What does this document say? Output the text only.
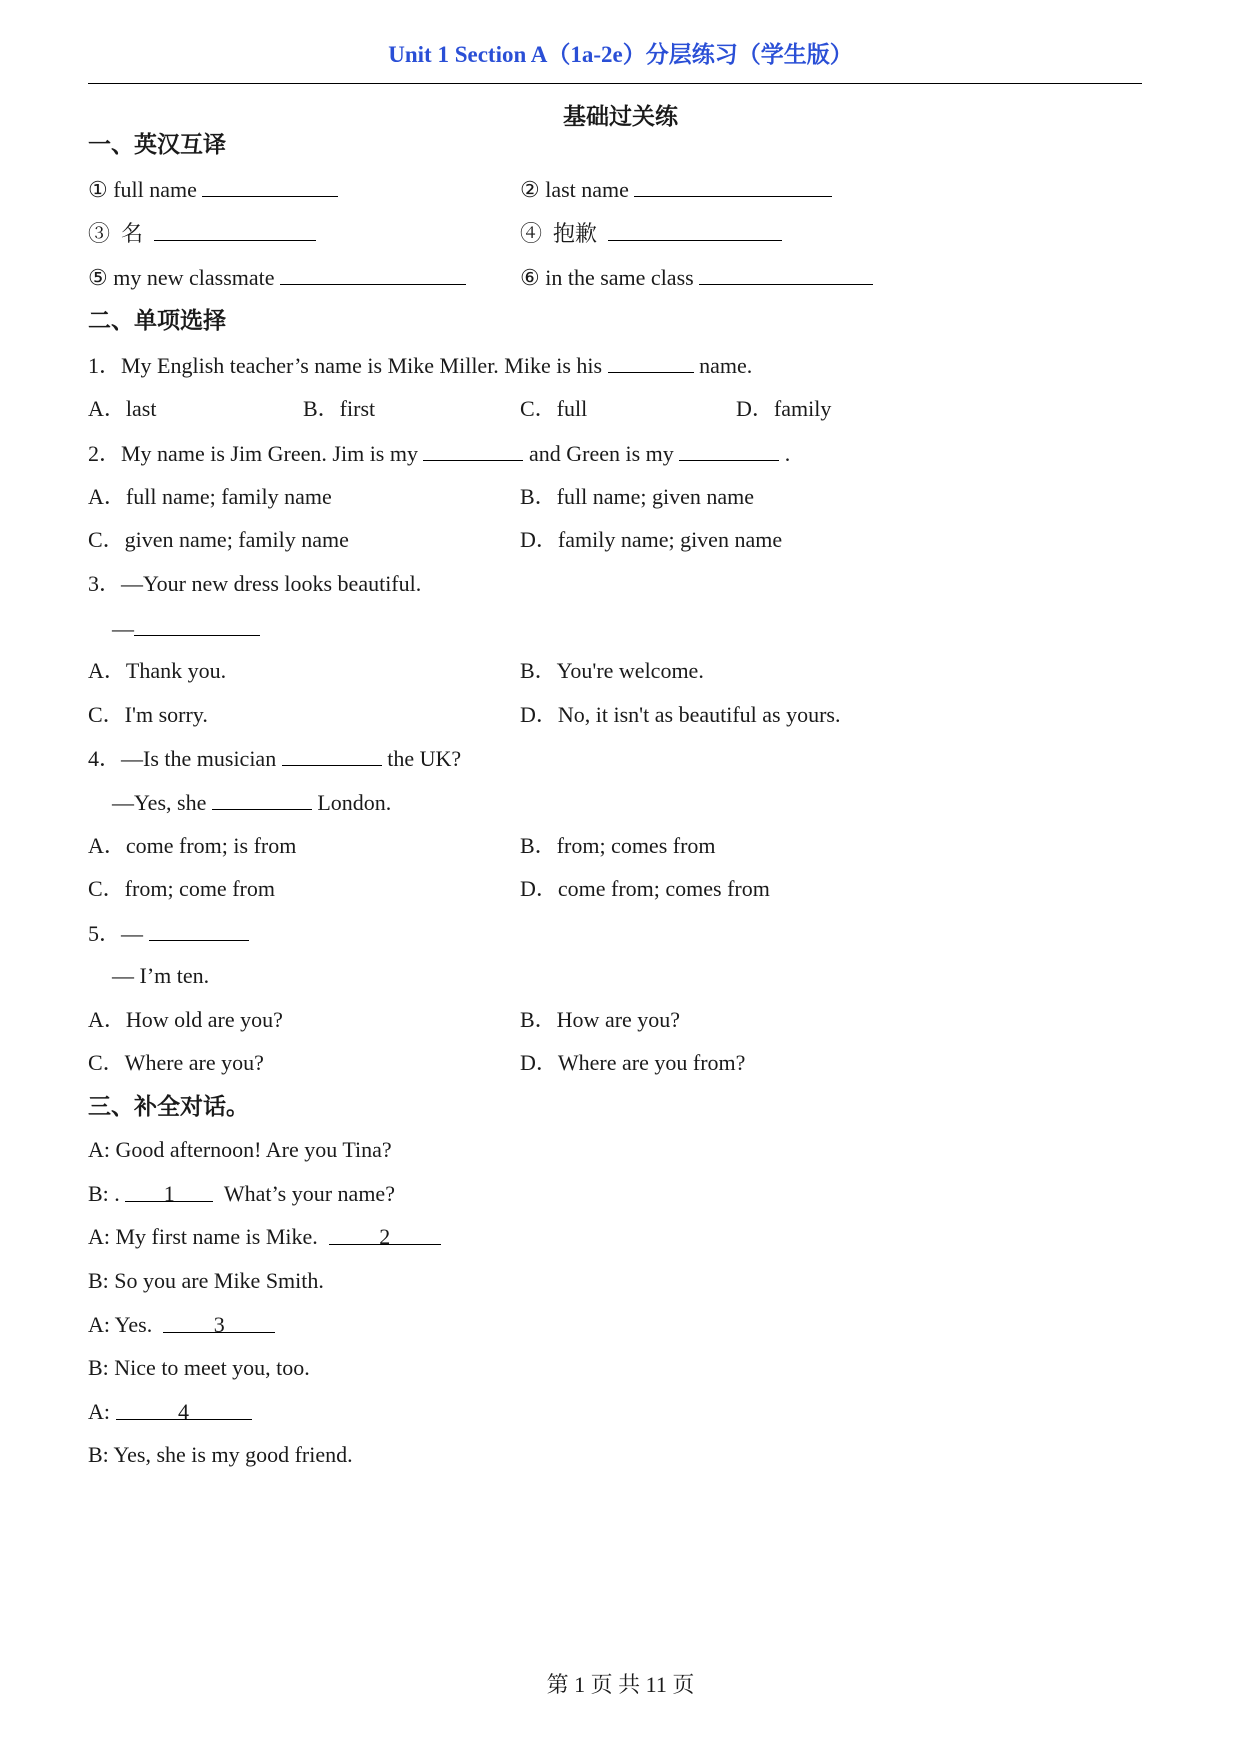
Unit 1 Section A（1a-2e）分层练习（学生版）
基础过关练
一、英汉互译
① full name	② last name
③ 名	④ 抱歉
⑤ my new classmate	⑥ in the same class
二、单项选择
1．My English teacher’s name is Mike Miller. Mike is his	name.
A．last	B．first	C．full	D．family
2．My name is Jim Green. Jim is my	and Green is my	.
A．full name; family name	B．full name; given name
C．given name; family name	D．family name; given name
3．—Your new dress looks beautiful.
—
A．Thank you.	B．You're welcome.
C．I'm sorry.	D．No, it isn't as beautiful as yours.
4．—Is the musician	the UK?
—Yes, she	London.
A．come from; is from	B．from; comes from
C．from; come from	D．come from; comes from
5．—
— I’m ten.
A．How old are you?	B．How are you?
C．Where are you?	D．Where are you from?
三、补全对话。
A: Good afternoon! Are you Tina?
B: . 1 What’s your name?
A: My first name is Mike.	2
B: So you are Mike Smith.
A: Yes.	3
B: Nice to meet you, too.
A:	4
B: Yes, she is my good friend.
第 1 页 共 11 页
